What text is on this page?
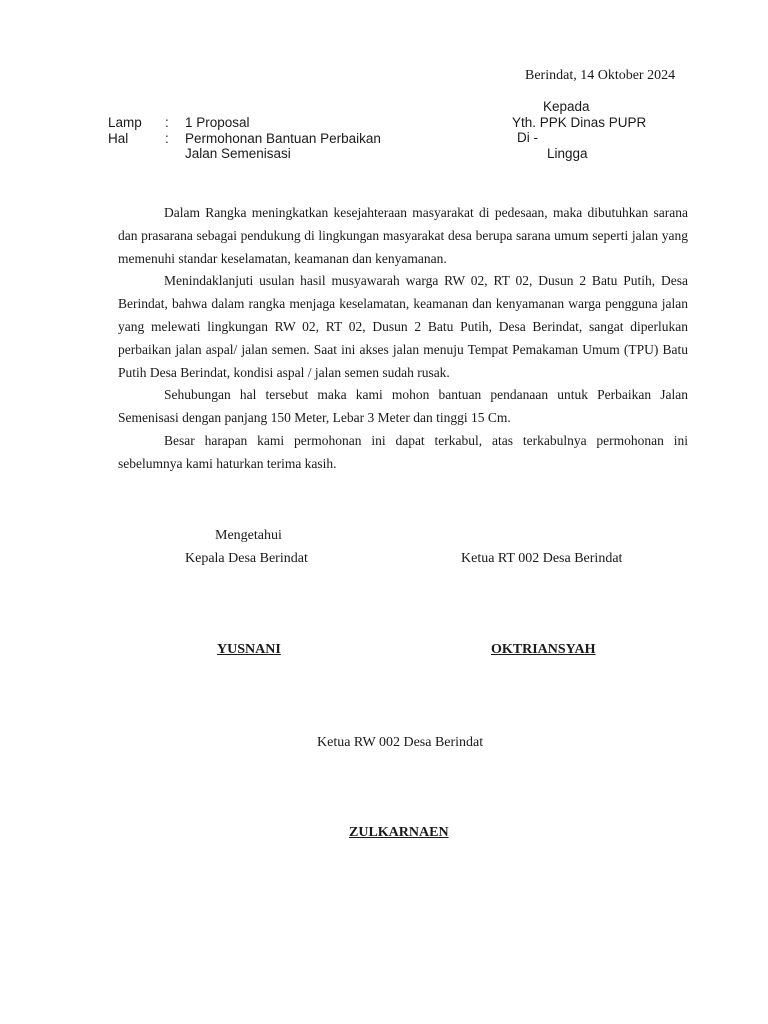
Berindat, 14 Oktober 2024
Kepada
Yth. PPK Dinas PUPR
Di -
Lingga
Lamp	:	1 Proposal
Hal	:	Permohonan Bantuan Perbaikan
Jalan Semenisasi

Dalam Rangka meningkatkan kesejahteraan masyarakat di pedesaan, maka dibutuhkan sarana dan prasarana sebagai pendukung di lingkungan masyarakat desa berupa sarana umum seperti jalan yang memenuhi standar keselamatan, keamanan dan kenyamanan.

Menindaklanjuti usulan hasil musyawarah warga RW 02, RT 02, Dusun 2 Batu Putih, Desa Berindat, bahwa dalam rangka menjaga keselamatan, keamanan dan kenyamanan warga pengguna jalan yang melewati lingkungan RW 02, RT 02, Dusun 2 Batu Putih, Desa Berindat, sangat diperlukan perbaikan jalan aspal/ jalan semen. Saat ini akses jalan menuju Tempat Pemakaman Umum (TPU) Batu Putih Desa Berindat, kondisi aspal / jalan semen sudah rusak.

Sehubungan hal tersebut maka kami mohon bantuan pendanaan untuk Perbaikan Jalan Semenisasi dengan panjang 150 Meter, Lebar 3 Meter dan tinggi 15 Cm.

Besar harapan kami permohonan ini dapat terkabul, atas terkabulnya permohonan ini sebelumnya kami haturkan terima kasih.

Mengetahui
Kepala Desa Berindat	Ketua RT 002 Desa Berindat
YUSNANI	OKTRIANSYAH
Ketua RW 002 Desa Berindat
ZULKARNAEN
